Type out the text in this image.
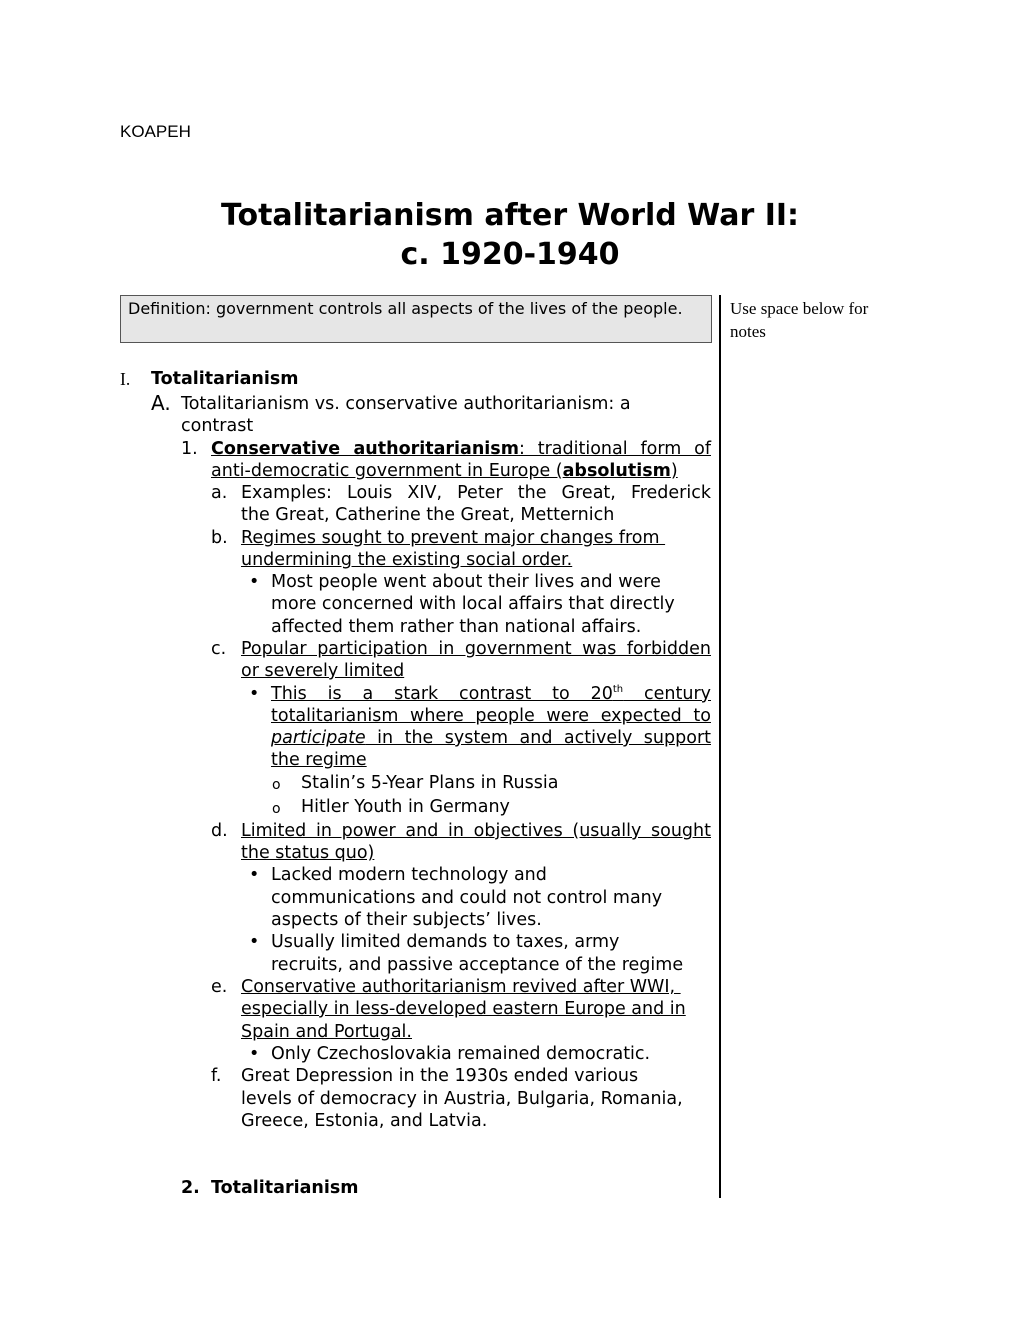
KOAPEH
Totalitarianism after World War II:
c. 1920-1940
Definition: government controls all aspects of the lives of the people.	Use space below for
notes
I. Totalitarianism
A. Totalitarianism vs. conservative authoritarianism: a
contrast
1. Conservative authoritarianism: traditional form of
anti-democratic government in Europe (absolutism)
a. Examples: Louis XIV, Peter the Great, Frederick
the Great, Catherine the Great, Metternich
b. Regimes sought to prevent major changes from
undermining the existing social order.
• Most people went about their lives and were
more concerned with local affairs that directly
affected them rather than national affairs.
c. Popular participation in government was forbidden
or severely limited
• This is a stark contrast to 20th century
totalitarianism where people were expected to
participate in the system and actively support
the regime
o Stalin’s 5-Year Plans in Russia
o Hitler Youth in Germany
d. Limited in power and in objectives (usually sought
the status quo)
• Lacked modern technology and
communications and could not control many
aspects of their subjects’ lives.
• Usually limited demands to taxes, army
recruits, and passive acceptance of the regime
e. Conservative authoritarianism revived after WWI,
especially in less-developed eastern Europe and in
Spain and Portugal.
• Only Czechoslovakia remained democratic.
f. Great Depression in the 1930s ended various
levels of democracy in Austria, Bulgaria, Romania,
Greece, Estonia, and Latvia.
2. Totalitarianism
